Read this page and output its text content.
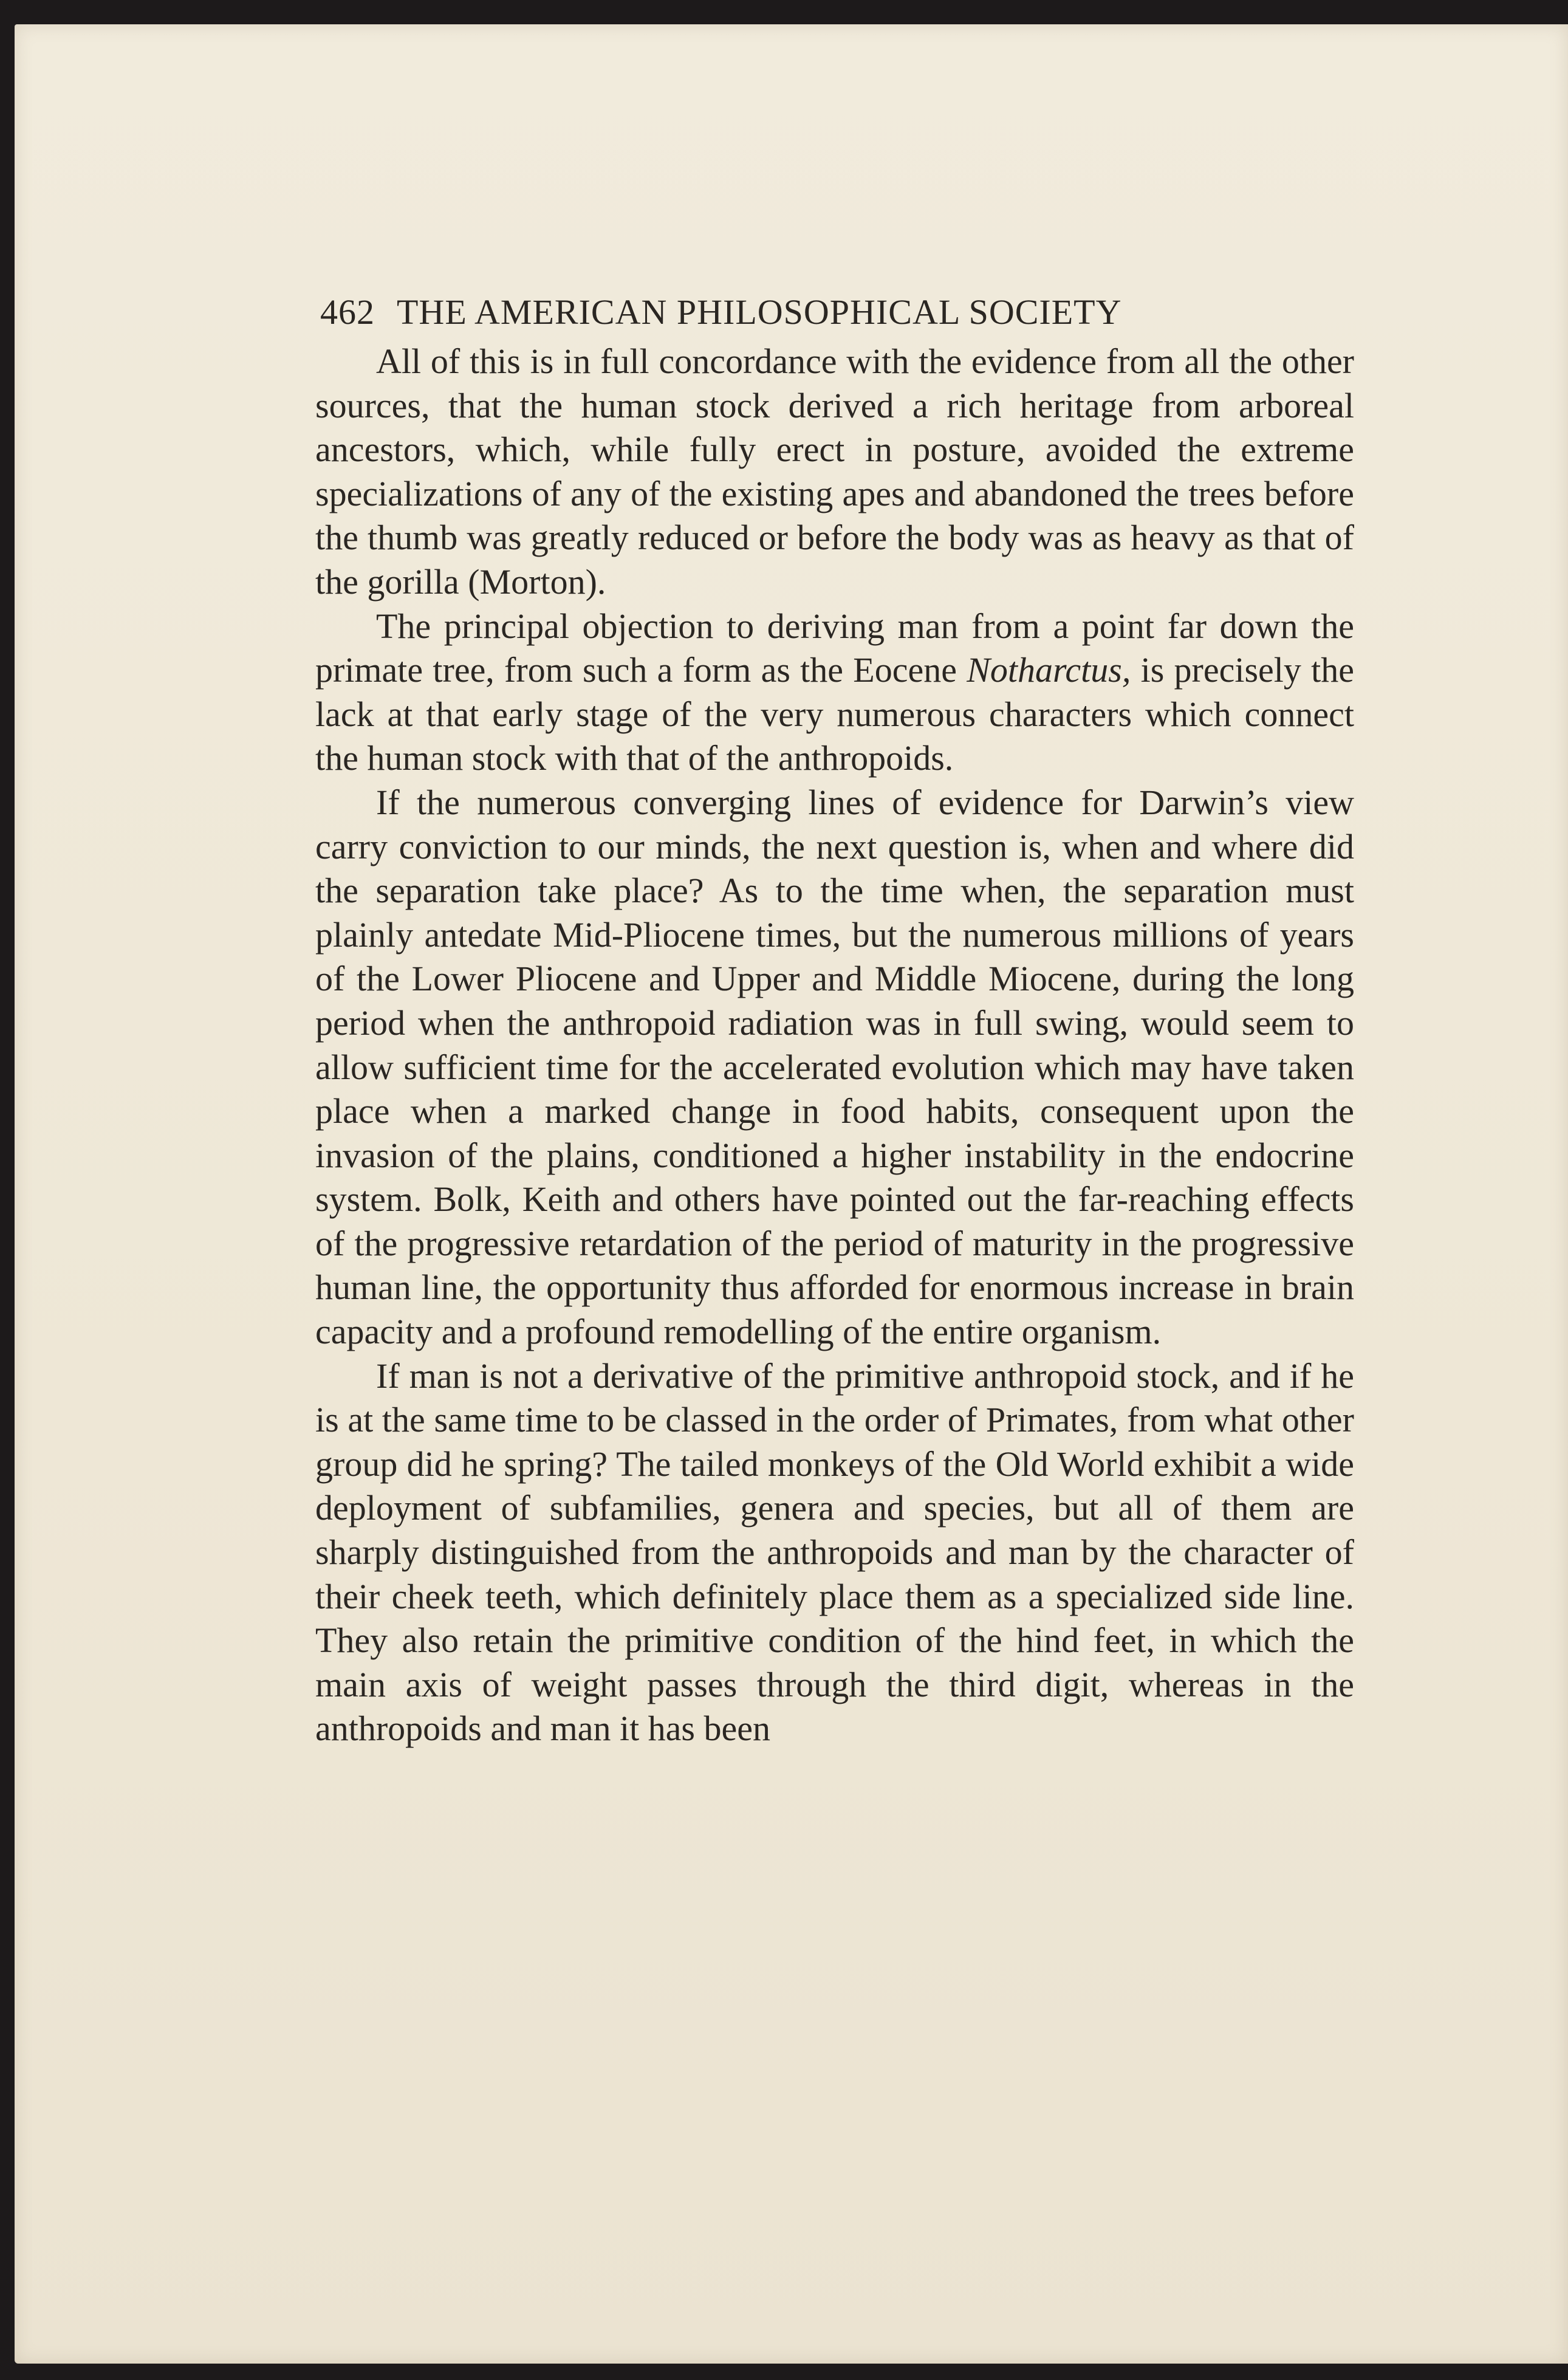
462 THE AMERICAN PHILOSOPHICAL SOCIETY

All of this is in full concordance with the evidence from all the other sources, that the human stock derived a rich heritage from arboreal ancestors, which, while fully erect in posture, avoided the extreme specializations of any of the existing apes and abandoned the trees before the thumb was greatly reduced or before the body was as heavy as that of the gorilla (Morton).

The principal objection to deriving man from a point far down the primate tree, from such a form as the Eocene Notharctus, is precisely the lack at that early stage of the very numerous characters which connect the human stock with that of the anthropoids.

If the numerous converging lines of evidence for Darwin’s view carry conviction to our minds, the next question is, when and where did the separation take place? As to the time when, the separation must plainly antedate Mid-Pliocene times, but the numerous millions of years of the Lower Pliocene and Upper and Middle Miocene, during the long period when the anthropoid radiation was in full swing, would seem to allow sufficient time for the accelerated evolution which may have taken place when a marked change in food habits, consequent upon the invasion of the plains, conditioned a higher instability in the endocrine system. Bolk, Keith and others have pointed out the far-reaching effects of the progressive retardation of the period of maturity in the progressive human line, the opportunity thus afforded for enormous increase in brain capacity and a profound remodelling of the entire organism.

If man is not a derivative of the primitive anthropoid stock, and if he is at the same time to be classed in the order of Primates, from what other group did he spring? The tailed monkeys of the Old World exhibit a wide deployment of subfamilies, genera and species, but all of them are sharply distinguished from the anthropoids and man by the character of their cheek teeth, which definitely place them as a specialized side line. They also retain the primitive condition of the hind feet, in which the main axis of weight passes through the third digit, whereas in the anthropoids and man it has been
